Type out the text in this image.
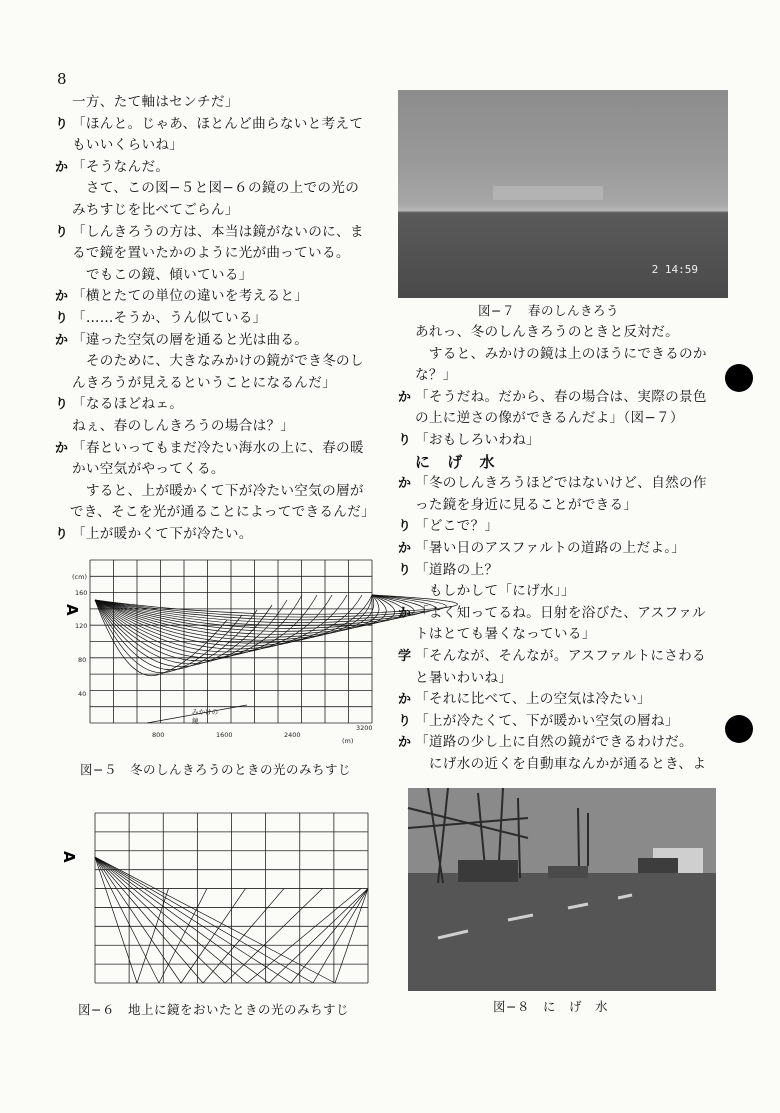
8
一方、たて軸はセンチだ」
り 「ほんと。じゃあ、ほとんど曲らないと考えて
もいいくらいね」
か 「そうなんだ。
　さて、この図−５と図−６の鏡の上での光の
みちすじを比べてごらん」
り 「しんきろうの方は、本当は鏡がないのに、ま
るで鏡を置いたかのように光が曲っている。
　でもこの鏡、傾いている」
か 「横とたての単位の違いを考えると」
り 「……そうか、うん似ている」
か 「違った空気の層を通ると光は曲る。
　そのために、大きなみかけの鏡ができ冬のし
んきろうが見えるということになるんだ」
り 「なるほどねェ。
ねぇ、春のしんきろうの場合は？」
か 「春といってもまだ冷たい海水の上に、春の暖
かい空気がやってくる。
　すると、上が暖かくて下が冷たい空気の層が
でき、そこを光が通ることによってできるんだ」
り 「上が暖かくて下が冷たい。
あれっ、冬のしんきろうのときと反対だ。
　すると、みかけの鏡は上のほうにできるのか
な？」
か 「そうだね。だから、春の場合は、実際の景色
の上に逆さの像ができるんだよ」（図−７）
り 「おもしろいわね」
に げ 水
か 「冬のしんきろうほどではないけど、自然の作
った鏡を身近に見ることができる」
り 「どこで？」
か 「暑い日のアスファルトの道路の上だよ｡」
り 「道路の上？
　もしかして「にげ水」」
か 「よく知ってるね。日射を浴びた、アスファル
トはとても暑くなっている」
学 「そんなが、そんなが。アスファルトにさわる
と暑いわいね」
か 「それに比べて、上の空気は冷たい」
り 「上が冷たくて、下が暖かい空気の層ね」
か 「道路の少し上に自然の鏡ができるわけだ。
　にげ水の近くを自動車なんかが通るとき、よ
2 14:59
図−７　春のしんきろう
(cm)
A
160
120
80
40
800	1600	2400
3200
(m)
みかけの
鏡
図−５　冬のしんきろうのときの光のみちすじ
A
図−６　地上に鏡をおいたときの光のみちすじ	図−８　に　げ　水
